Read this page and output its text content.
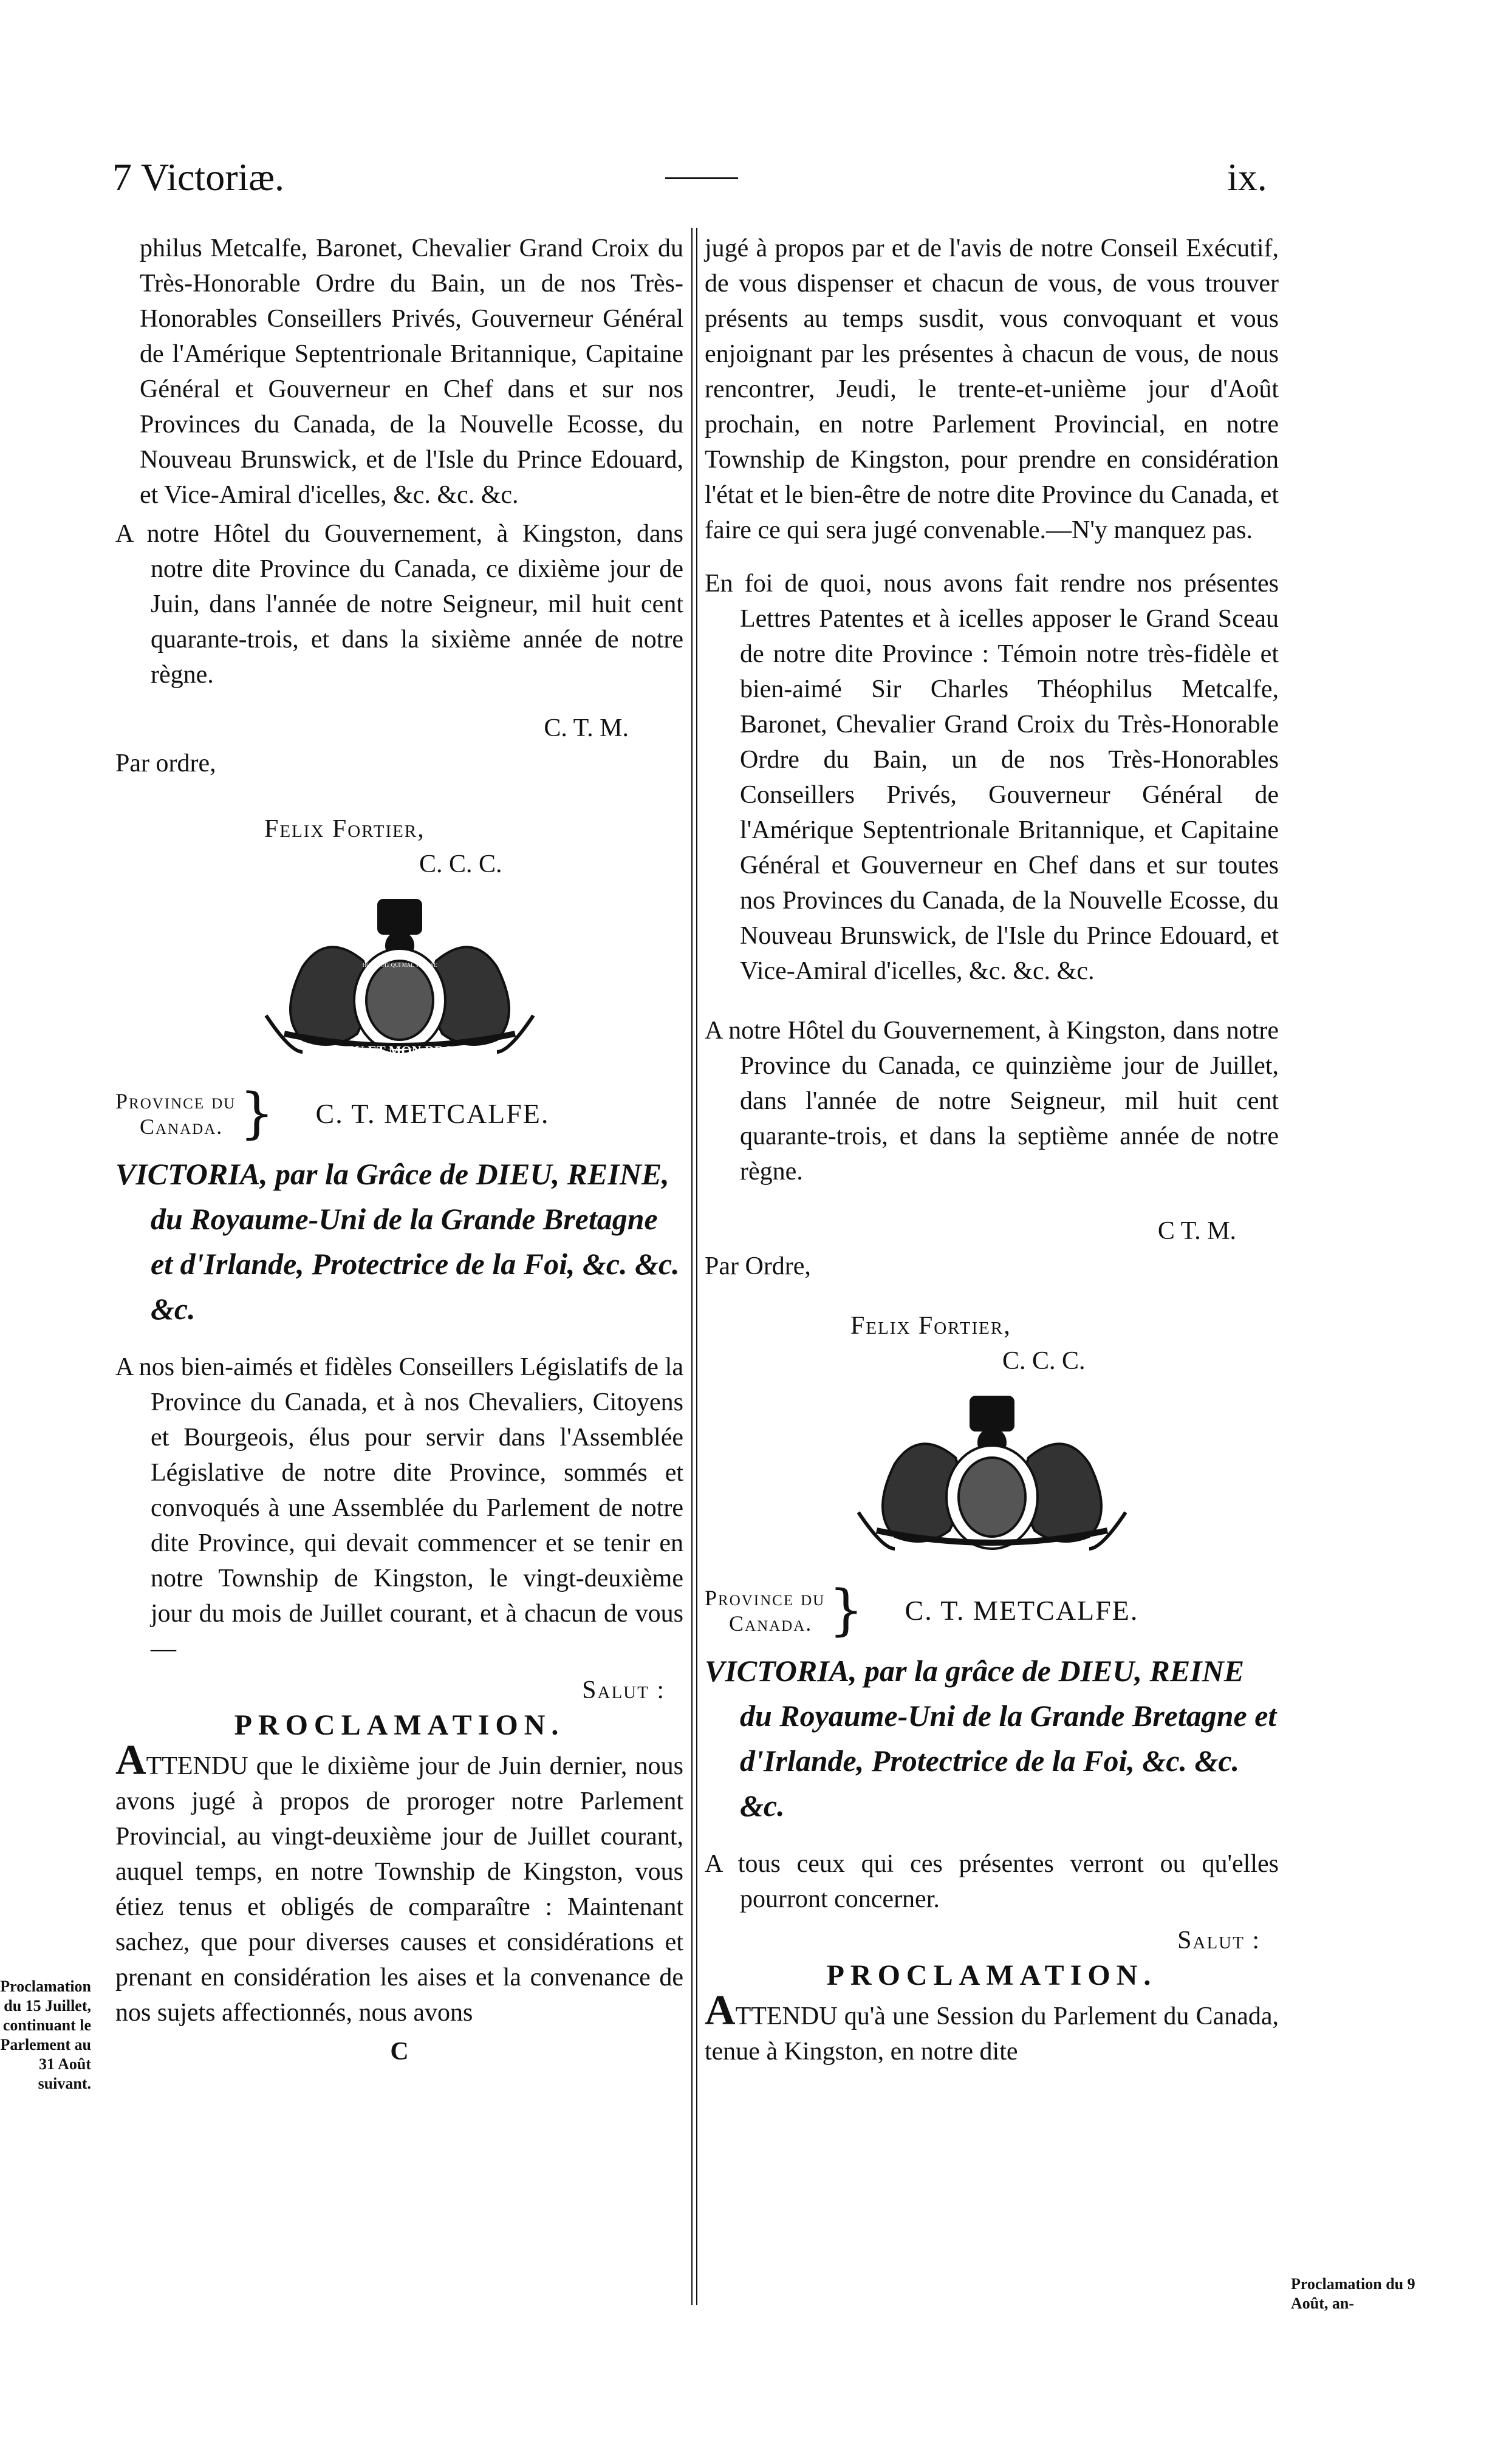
7 Victoriæ.	ix.

philus Metcalfe, Baronet, Chevalier Grand Croix du Très-Honorable Ordre du Bain, un de nos Très-Honorables Conseillers Privés, Gouverneur Général de l'Amérique Septentrionale Britannique, Capitaine Général et Gouverneur en Chef dans et sur nos Provinces du Canada, de la Nouvelle Ecosse, du Nouveau Brunswick, et de l'Isle du Prince Edouard, et Vice-Amiral d'icelles, &c. &c. &c.

A notre Hôtel du Gouvernement, à Kingston, dans notre dite Province du Canada, ce dixième jour de Juin, dans l'année de notre Seigneur, mil huit cent quarante-trois, et dans la sixième année de notre règne.

C. T. M.

Par ordre,

Felix Fortier,

C. C. C.

DIEU ET MON DROIT
HONI SOIT QUI MAL Y PENSE
Province du
Canada. } C. T. METCALFE.

VICTORIA, par la Grâce de DIEU, REINE, du Royaume-Uni de la Grande Bretagne et d'Irlande, Protectrice de la Foi, &c. &c. &c.

A nos bien-aimés et fidèles Conseillers Législatifs de la Province du Canada, et à nos Chevaliers, Citoyens et Bourgeois, élus pour servir dans l'Assemblée Législative de notre dite Province, sommés et convoqués à une Assemblée du Parlement de notre dite Province, qui devait commencer et se tenir en notre Township de Kingston, le vingt-deuxième jour du mois de Juillet courant, et à chacun de vous—

Salut :

PROCLAMATION.

ATTENDU que le dixième jour de Juin dernier, nous avons jugé à propos de proroger notre Parlement Provincial, au vingt-deuxième jour de Juillet courant, auquel temps, en notre Township de Kingston, vous étiez tenus et obligés de comparaître : Maintenant sachez, que pour diverses causes et considérations et prenant en considération les aises et la convenance de nos sujets affectionnés, nous avons

C

Proclamation du 15 Juillet, continuant le Parlement au 31 Août suivant.

jugé à propos par et de l'avis de notre Conseil Exécutif, de vous dispenser et chacun de vous, de vous trouver présents au temps susdit, vous convoquant et vous enjoignant par les présentes à chacun de vous, de nous rencontrer, Jeudi, le trente-et-unième jour d'Août prochain, en notre Parlement Provincial, en notre Township de Kingston, pour prendre en considération l'état et le bien-être de notre dite Province du Canada, et faire ce qui sera jugé convenable.—N'y manquez pas.

En foi de quoi, nous avons fait rendre nos présentes Lettres Patentes et à icelles apposer le Grand Sceau de notre dite Province : Témoin notre très-fidèle et bien-aimé Sir Charles Théophilus Metcalfe, Baronet, Chevalier Grand Croix du Très-Honorable Ordre du Bain, un de nos Très-Honorables Conseillers Privés, Gouverneur Général de l'Amérique Septentrionale Britannique, et Capitaine Général et Gouverneur en Chef dans et sur toutes nos Provinces du Canada, de la Nouvelle Ecosse, du Nouveau Brunswick, de l'Isle du Prince Edouard, et Vice-Amiral d'icelles, &c. &c. &c.

A notre Hôtel du Gouvernement, à Kingston, dans notre Province du Canada, ce quinzième jour de Juillet, dans l'année de notre Seigneur, mil huit cent quarante-trois, et dans la septième année de notre règne.

C T. M.

Par Ordre,

Felix Fortier,

C. C. C.

Province du
Canada. } C. T. METCALFE.

VICTORIA, par la grâce de DIEU, REINE du Royaume-Uni de la Grande Bretagne et d'Irlande, Protectrice de la Foi, &c. &c. &c.

A tous ceux qui ces présentes verront ou qu'elles pourront concerner.

Salut :

PROCLAMATION.

ATTENDU qu'à une Session du Parlement du Canada, tenue à Kingston, en notre dite

Proclamation du 9 Août, an-
